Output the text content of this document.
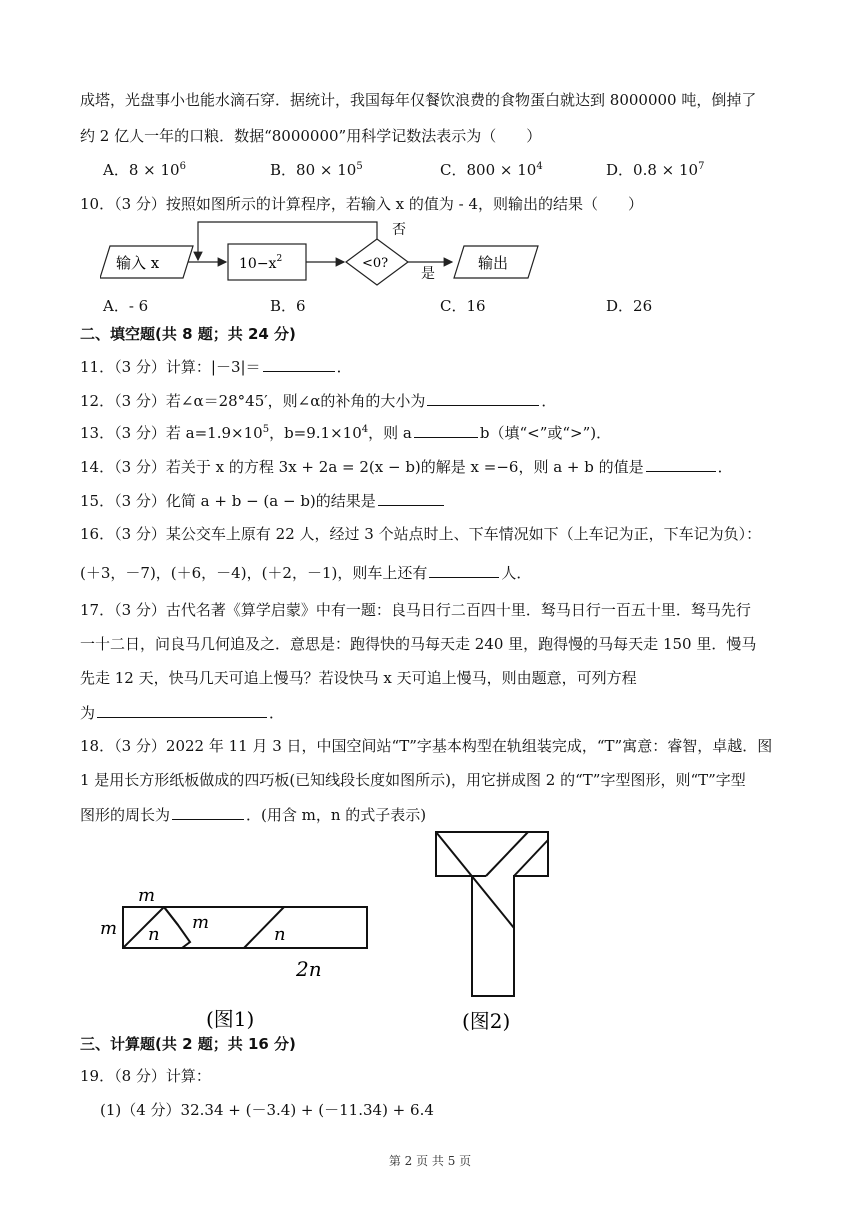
成塔，光盘事小也能水滴石穿．据统计，我国每年仅餐饮浪费的食物蛋白就达到 8000000 吨，倒掉了
约 2 亿人一年的口粮．数据“8000000”用科学记数法表示为（　　）
A．$8 \times 10^6$	B．$80 \times 10^5$	C．$800 \times 10^4$	D．$0.8 \times 10^7$
10．（3 分）按照如图所示的计算程序，若输入 x 的值为 - 4，则输出的结果（　　）
输入 x	$10-x^2$	<0?
否
是
输出
A．- 6	B．6	C．16	D．26
二、填空题(共 8 题；共 24 分)
11．（3 分）计算：|－3|＝	．
12．（3 分）若∠α＝28°45′，则∠α的补角的大小为	．
13．（3 分）若 $a=1.9\times 10^5$，$b=9.1\times 10^4$，则 a	b（填“<”或“>”)．
14．（3 分）若关于 x 的方程 3x + 2a = 2(x − b)的解是 x =−6，则 a + b 的值是	．
15．（3 分）化简 a + b − (a − b)的结果是
16．（3 分）某公交车上原有 22 人，经过 3 个站点时上、下车情况如下（上车记为正，下车记为负）：
(＋3，－7)，(＋6，－4)，(＋2，－1)，则车上还有	人．
17．（3 分）古代名著《算学启蒙》中有一题：良马日行二百四十里．驽马日行一百五十里．驽马先行
一十二日，问良马几何追及之．意思是：跑得快的马每天走 240 里，跑得慢的马每天走 150 里．慢马
先走 12 天，快马几天可追上慢马？若设快马 x 天可追上慢马，则由题意，可列方程
为	．
18．（3 分）2022 年 11 月 3 日，中国空间站“T”字基本构型在轨组装完成，“T”寓意：睿智，卓越．图
1 是用长方形纸板做成的四巧板(已知线段长度如图所示)，用它拼成图 2 的“T”字型图形，则“T”字型
图形的周长为	．(用含 m，n 的式子表示)
m
m	m
n	n
2n
(图1)	(图2)
三、计算题(共 2 题；共 16 分)
19．（8 分）计算：
(1)（4 分）32.34 + (－3.4) + (－11.34) + 6.4
第 2 页 共 5 页
